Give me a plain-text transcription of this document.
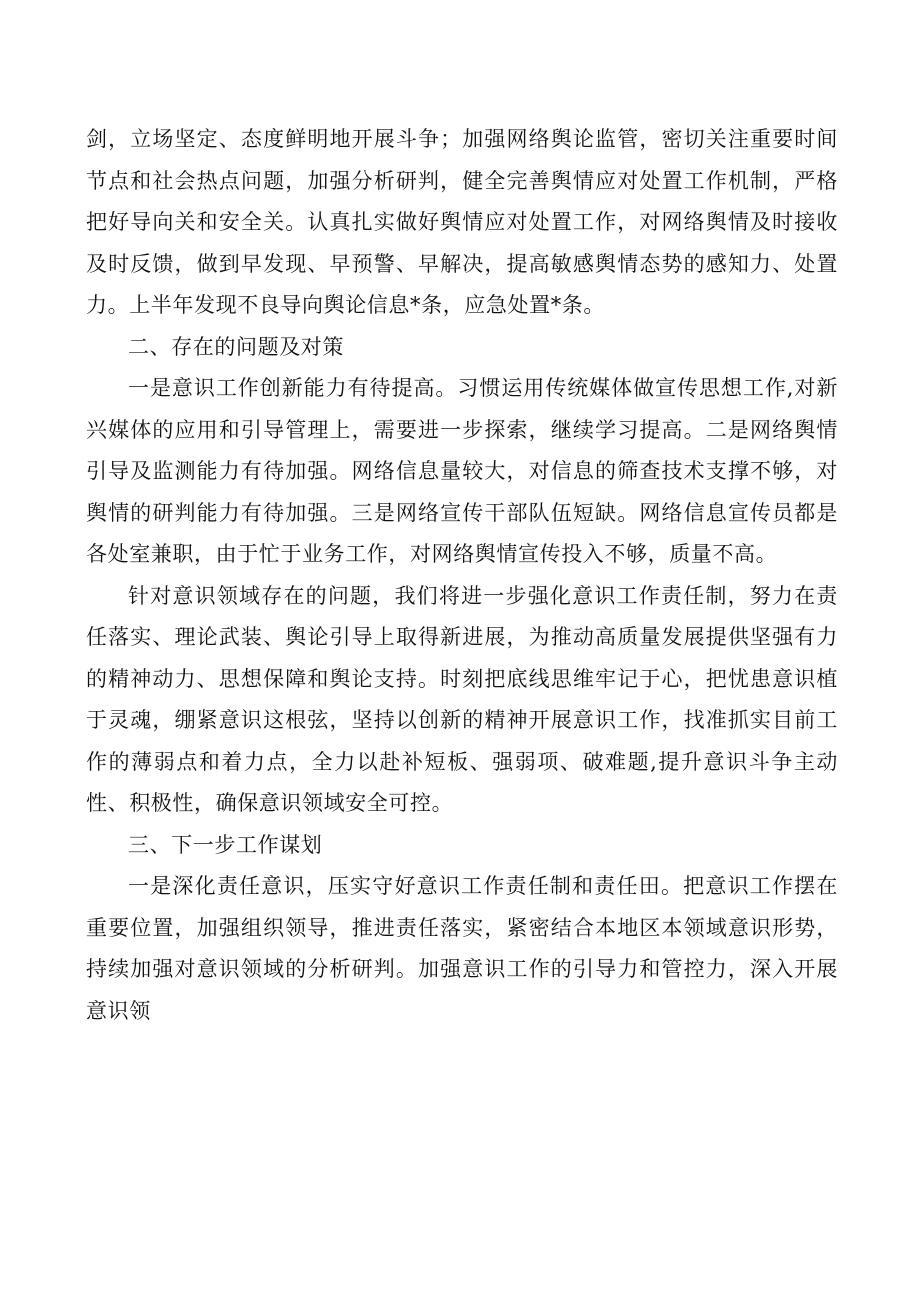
剑，立场坚定、态度鲜明地开展斗争；加强网络舆论监管，密切关注重要时间节点和社会热点问题，加强分析研判，健全完善舆情应对处置工作机制，严格把好导向关和安全关。认真扎实做好舆情应对处置工作，对网络舆情及时接收及时反馈，做到早发现、早预警、早解决，提高敏感舆情态势的感知力、处置力。上半年发现不良导向舆论信息*条，应急处置*条。

二、存在的问题及对策

一是意识工作创新能力有待提高。习惯运用传统媒体做宣传思想工作,对新兴媒体的应用和引导管理上，需要进一步探索，继续学习提高。二是网络舆情引导及监测能力有待加强。网络信息量较大，对信息的筛查技术支撑不够，对舆情的研判能力有待加强。三是网络宣传干部队伍短缺。网络信息宣传员都是各处室兼职，由于忙于业务工作，对网络舆情宣传投入不够，质量不高。

针对意识领域存在的问题，我们将进一步强化意识工作责任制，努力在责任落实、理论武装、舆论引导上取得新进展，为推动高质量发展提供坚强有力的精神动力、思想保障和舆论支持。时刻把底线思维牢记于心，把忧患意识植于灵魂，绷紧意识这根弦，坚持以创新的精神开展意识工作，找准抓实目前工作的薄弱点和着力点，全力以赴补短板、强弱项、破难题,提升意识斗争主动性、积极性，确保意识领域安全可控。

三、下一步工作谋划

一是深化责任意识，压实守好意识工作责任制和责任田。把意识工作摆在重要位置，加强组织领导，推进责任落实，紧密结合本地区本领域意识形势，持续加强对意识领域的分析研判。加强意识工作的引导力和管控力，深入开展意识领
